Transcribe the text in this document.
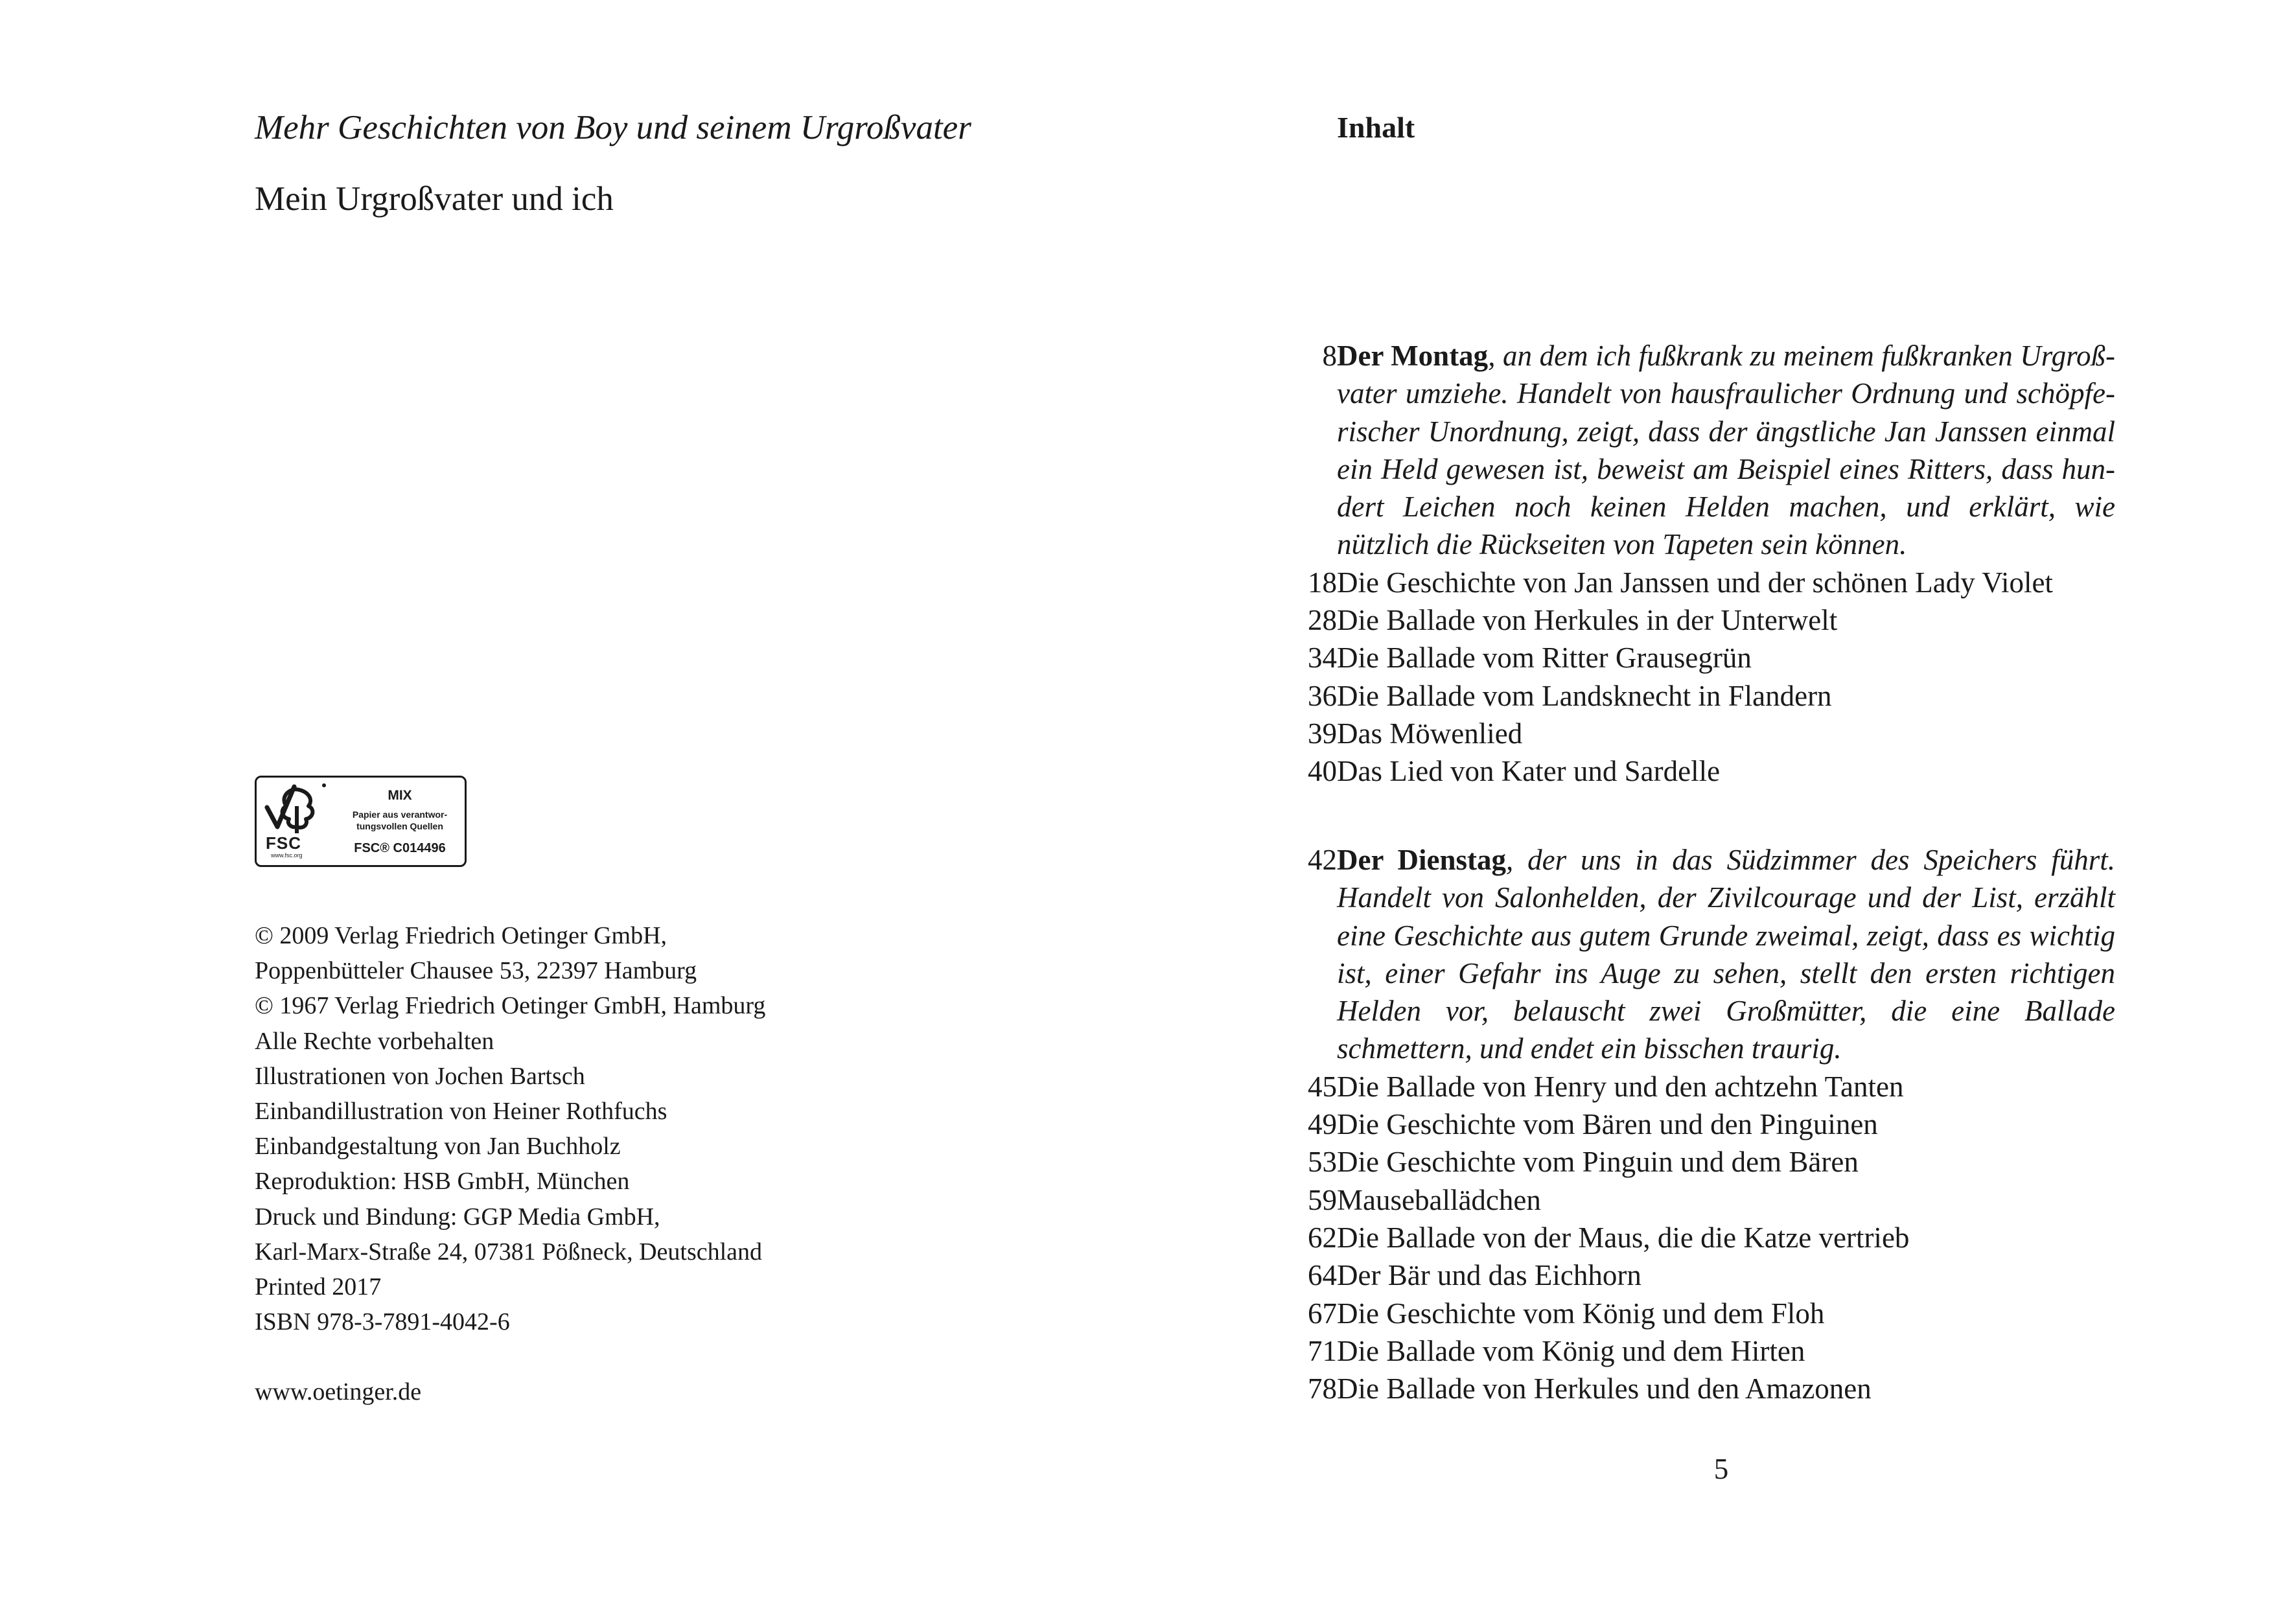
Mehr Geschichten von Boy und seinem Urgroßvater
Mein Urgroßvater und ich
FSC
www.fsc.org
MIX
Papier aus verantwor-
tungsvollen Quellen
FSC® C014496
© 2009 Verlag Friedrich Oetinger GmbH,
Poppenbütteler Chausee 53, 22397 Hamburg
© 1967 Verlag Friedrich Oetinger GmbH, Hamburg
Alle Rechte vorbehalten
Illustrationen von Jochen Bartsch
Einbandillustration von Heiner Rothfuchs
Einbandgestaltung von Jan Buchholz
Reproduktion: HSB GmbH, München
Druck und Bindung: GGP Media GmbH,
Karl-Marx-Straße 24, 07381 Pößneck, Deutschland
Printed 2017
ISBN 978-3-7891-4042-6
www.oetinger.de
Inhalt
8 Der Montag, an dem ich fußkrank zu meinem fußkranken Urgroßvater umziehe. Handelt von hausfraulicher Ordnung und schöpferischer Unordnung, zeigt, dass der ängstliche Jan Janssen einmal ein Held gewesen ist, beweist am Beispiel eines Ritters, dass hundert Leichen noch keinen Helden machen, und erklärt, wie nützlich die Rückseiten von Tapeten sein können.
18 Die Geschichte von Jan Janssen und der schönen Lady Violet
28 Die Ballade von Herkules in der Unterwelt
34 Die Ballade vom Ritter Grausegrün
36 Die Ballade vom Landsknecht in Flandern
39 Das Möwenlied
40 Das Lied von Kater und Sardelle
42 Der Dienstag, der uns in das Südzimmer des Speichers führt. Handelt von Salonhelden, der Zivilcourage und der List, erzählt eine Geschichte aus gutem Grunde zweimal, zeigt, dass es wichtig ist, einer Gefahr ins Auge zu sehen, stellt den ersten richtigen Helden vor, belauscht zwei Großmütter, die eine Ballade schmettern, und endet ein bisschen traurig.
45 Die Ballade von Henry und den achtzehn Tanten
49 Die Geschichte vom Bären und den Pinguinen
53 Die Geschichte vom Pinguin und dem Bären
59 Mauseballädchen
62 Die Ballade von der Maus, die die Katze vertrieb
64 Der Bär und das Eichhorn
67 Die Geschichte vom König und dem Floh
71 Die Ballade vom König und dem Hirten
78 Die Ballade von Herkules und den Amazonen
5
